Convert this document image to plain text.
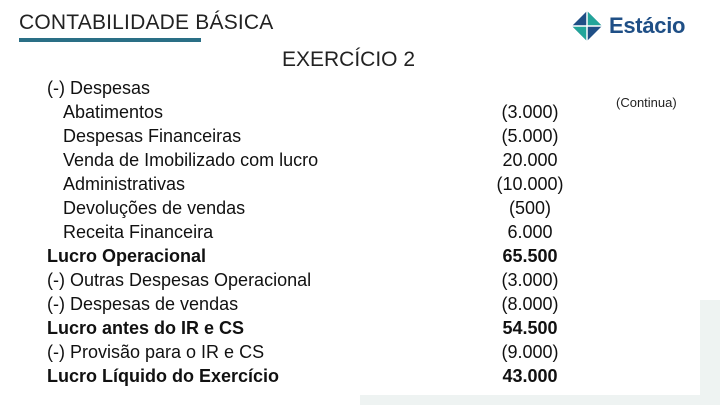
CONTABILIDADE BÁSICA
EXERCÍCIO 2
Estácio
(Continua)
(-) Despesas
Abatimentos	(3.000)
Despesas Financeiras	(5.000)
Venda de Imobilizado com lucro	20.000
Administrativas	(10.000)
Devoluções de vendas	(500)
Receita Financeira	6.000
Lucro Operacional	65.500
(-) Outras Despesas Operacional	(3.000)
(-) Despesas de vendas	(8.000)
Lucro antes do IR e CS	54.500
(-) Provisão para o IR e CS	(9.000)
Lucro Líquido do Exercício	43.000
